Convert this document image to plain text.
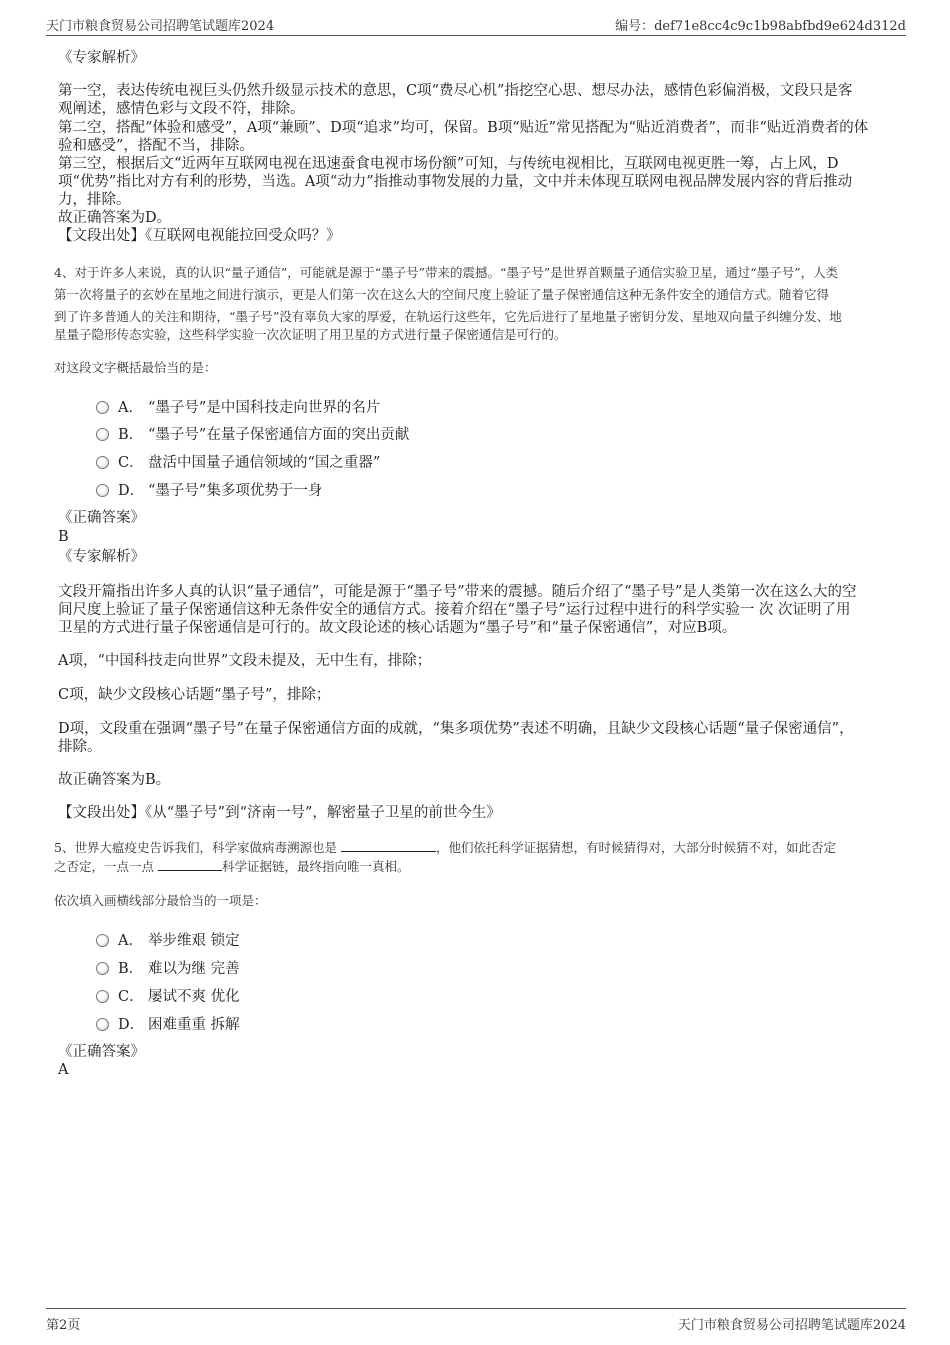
天门市粮食贸易公司招聘笔试题库2024	编号：def71e8cc4c9c1b98abfbd9e624d312d
《专家解析》
第一空，表达传统电视巨头仍然升级显示技术的意思，C项“费尽心机”指挖空心思、想尽办法，感情色彩偏消极，文段只是客
观阐述，感情色彩与文段不符，排除。
第二空，搭配“体验和感受”，A项“兼顾”、D项“追求”均可，保留。B项“贴近”常见搭配为“贴近消费者”，而非“贴近消费者的体
验和感受”，搭配不当，排除。
第三空，根据后文“近两年互联网电视在迅速蚕食电视市场份额”可知，与传统电视相比，互联网电视更胜一筹，占上风，D
项“优势”指比对方有利的形势，当选。A项“动力”指推动事物发展的力量，文中并未体现互联网电视品牌发展内容的背后推动
力，排除。
故正确答案为D。
【文段出处】《互联网电视能拉回受众吗？》
4、对于许多人来说，真的认识“量子通信”，可能就是源于“墨子号”带来的震撼。“墨子号”是世界首颗量子通信实验卫星，通过“墨子号”，人类
第一次将量子的玄妙在星地之间进行演示，更是人们第一次在这么大的空间尺度上验证了量子保密通信这种无条件安全的通信方式。随着它得
到了许多普通人的关注和期待，“墨子号”没有辜负大家的厚爱，在轨运行这些年，它先后进行了星地量子密钥分发、星地双向量子纠缠分发、地
星量子隐形传态实验，这些科学实验一次次证明了用卫星的方式进行量子保密通信是可行的。
对这段文字概括最恰当的是：
A． “墨子号”是中国科技走向世界的名片
B． “墨子号”在量子保密通信方面的突出贡献
C． 盘活中国量子通信领域的“国之重器”
D． “墨子号”集多项优势于一身
《正确答案》
B
《专家解析》
文段开篇指出许多人真的认识“量子通信”，可能是源于“墨子号”带来的震撼。随后介绍了“墨子号”是人类第一次在这么大的空
间尺度上验证了量子保密通信这种无条件安全的通信方式。接着介绍在“墨子号”运行过程中进行的科学实验一 次 次证明了用
卫星的方式进行量子保密通信是可行的。故文段论述的核心话题为“墨子号”和“量子保密通信”，对应B项。
A项，“中国科技走向世界”文段未提及，无中生有，排除；
C项，缺少文段核心话题“墨子号”，排除；
D项，文段重在强调“墨子号”在量子保密通信方面的成就，“集多项优势”表述不明确，且缺少文段核心话题“量子保密通信”，
排除。
故正确答案为B。
【文段出处】《从“墨子号”到“济南一号”，解密量子卫星的前世今生》
5、世界大瘟疫史告诉我们，科学家做病毒溯源也是	，他们依托科学证据猜想，有时候猜得对，大部分时候猜不对，如此否定
之否定，一点一点	科学证据链，最终指向唯一真相。
依次填入画横线部分最恰当的一项是：
A． 举步维艰 锁定
B． 难以为继 完善
C． 屡试不爽 优化
D． 困难重重 拆解
《正确答案》
A
第2页	天门市粮食贸易公司招聘笔试题库2024
